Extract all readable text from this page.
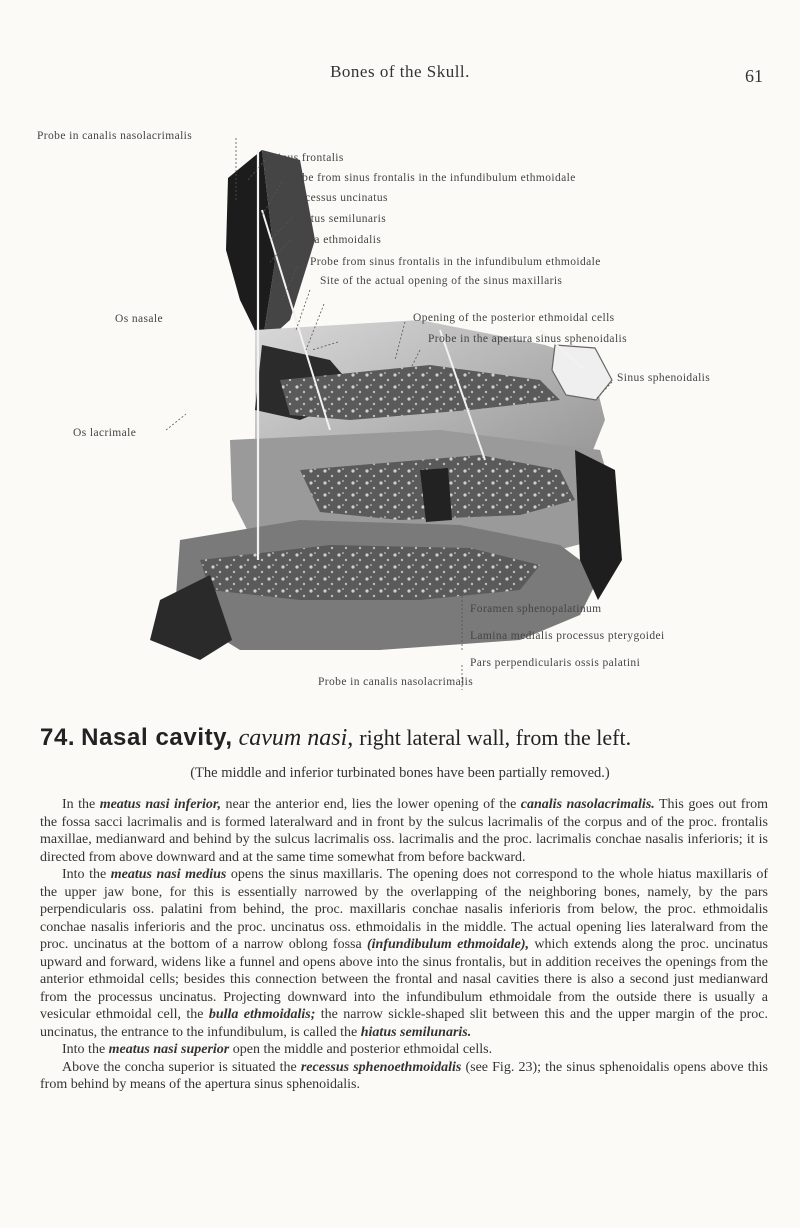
Bones of the Skull.	61
Probe in canalis nasolacrimalis
Sinus frontalis
Probe from sinus frontalis in the infundibulum ethmoidale
Processus uncinatus
Hiatus semilunaris
Bulla ethmoidalis
Probe from sinus frontalis in the infundibulum ethmoidale
Site of the actual opening of the sinus maxillaris
Os nasale	Opening of the posterior ethmoidal cells
Probe in the apertura sinus sphenoidalis
Sinus sphenoidalis
Os lacrimale
Foramen sphenopalatinum
Lamina medialis processus pterygoidei
Pars perpendicularis ossis palatini
Probe in canalis nasolacrimalis
74. Nasal cavity, cavum nasi, right lateral wall, from the left.
(The middle and inferior turbinated bones have been partially removed.)

In the meatus nasi inferior, near the anterior end, lies the lower opening of the canalis nasolacrimalis. This goes out from the fossa sacci lacrimalis and is formed lateralward and in front by the sulcus lacrimalis of the corpus and of the proc. frontalis maxillae, medianward and behind by the sulcus lacrimalis oss. lacrimalis and the proc. lacrimalis conchae nasalis inferioris; it is directed from above downward and at the same time somewhat from before backward.

Into the meatus nasi medius opens the sinus maxillaris. The opening does not correspond to the whole hiatus maxillaris of the upper jaw bone, for this is essentially narrowed by the overlapping of the neighboring bones, namely, by the pars perpendicularis oss. palatini from behind, the proc. maxillaris conchae nasalis inferioris from below, the proc. ethmoidalis conchae nasalis inferioris and the proc. uncinatus oss. ethmoidalis in the middle. The actual opening lies lateralward from the proc. uncinatus at the bottom of a narrow oblong fossa (infundibulum ethmoidale), which extends along the proc. uncinatus upward and forward, widens like a funnel and opens above into the sinus frontalis, but in addition receives the openings from the anterior ethmoidal cells; besides this connection between the frontal and nasal cavities there is also a second just medianward from the processus uncinatus. Projecting downward into the infundibulum ethmoidale from the outside there is usually a vesicular ethmoidal cell, the bulla ethmoidalis; the narrow sickle-shaped slit between this and the upper margin of the proc. uncinatus, the entrance to the infundibulum, is called the hiatus semilunaris.

Into the meatus nasi superior open the middle and posterior ethmoidal cells.

Above the concha superior is situated the recessus sphenoethmoidalis (see Fig. 23); the sinus sphenoidalis opens above this from behind by means of the apertura sinus sphenoidalis.
